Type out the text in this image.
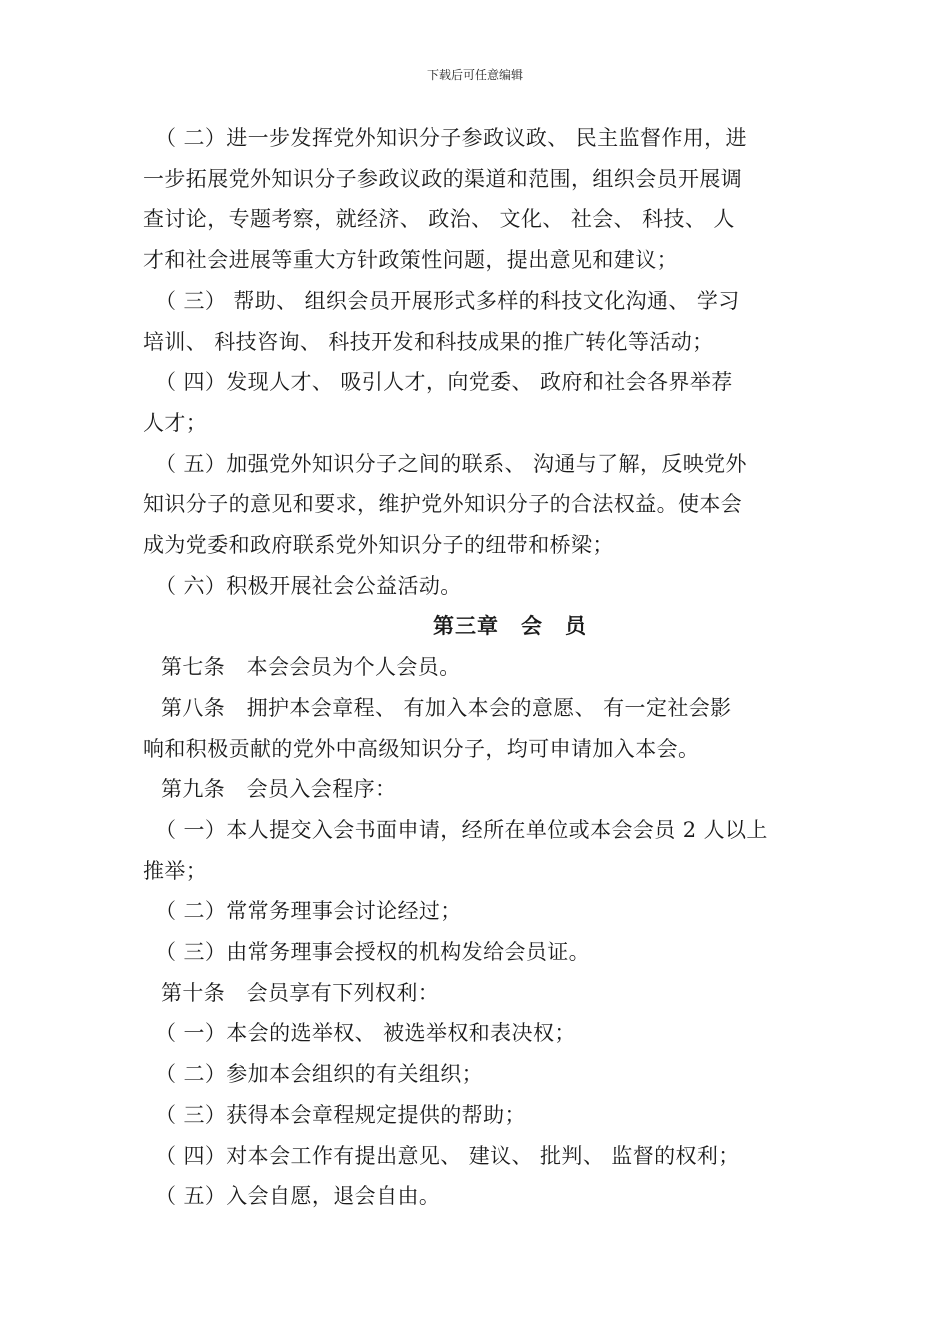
下载后可任意编辑
（ 二）进一步发挥党外知识分子参政议政、 民主监督作用，进
一步拓展党外知识分子参政议政的渠道和范围，组织会员开展调
查讨论，专题考察，就经济、 政治、 文化、 社会、 科技、 人
才和社会进展等重大方针政策性问题，提出意见和建议；
（ 三） 帮助、 组织会员开展形式多样的科技文化沟通、 学习
培训、 科技咨询、 科技开发和科技成果的推广转化等活动；
（ 四）发现人才、 吸引人才，向党委、 政府和社会各界举荐
人才；
（ 五）加强党外知识分子之间的联系、 沟通与了解，反映党外
知识分子的意见和要求，维护党外知识分子的合法权益。使本会
成为党委和政府联系党外知识分子的纽带和桥梁；
（ 六）积极开展社会公益活动。
第三章　会　员
第七条　本会会员为个人会员。
第八条　拥护本会章程、 有加入本会的意愿、 有一定社会影
响和积极贡献的党外中高级知识分子，均可申请加入本会。
第九条　会员入会程序：
（ 一）本人提交入会书面申请，经所在单位或本会会员 2 人以上
推举；
（ 二）常常务理事会讨论经过；
（ 三）由常务理事会授权的机构发给会员证。
第十条　会员享有下列权利：
（ 一）本会的选举权、 被选举权和表决权；
（ 二）参加本会组织的有关组织；
（ 三）获得本会章程规定提供的帮助；
（ 四）对本会工作有提出意见、 建议、 批判、 监督的权利；
（ 五）入会自愿，退会自由。
